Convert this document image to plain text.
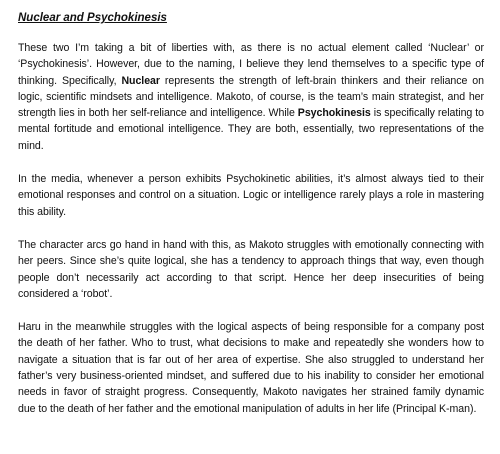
Nuclear and Psychokinesis

These two I’m taking a bit of liberties with, as there is no actual element called ‘Nuclear’ or ‘Psychokinesis’. However, due to the naming, I believe they lend themselves to a specific type of thinking. Specifically, Nuclear represents the strength of left-brain thinkers and their reliance on logic, scientific mindsets and intelligence. Makoto, of course, is the team’s main strategist, and her strength lies in both her self-reliance and intelligence. While Psychokinesis is specifically relating to mental fortitude and emotional intelligence. They are both, essentially, two representations of the mind.

In the media, whenever a person exhibits Psychokinetic abilities, it’s almost always tied to their emotional responses and control on a situation. Logic or intelligence rarely plays a role in mastering this ability.

The character arcs go hand in hand with this, as Makoto struggles with emotionally connecting with her peers. Since she’s quite logical, she has a tendency to approach things that way, even though people don’t necessarily act according to that script. Hence her deep insecurities of being considered a ‘robot’.

Haru in the meanwhile struggles with the logical aspects of being responsible for a company post the death of her father. Who to trust, what decisions to make and repeatedly she wonders how to navigate a situation that is far out of her area of expertise. She also struggled to understand her father’s very business-oriented mindset, and suffered due to his inability to consider her emotional needs in favor of straight progress. Consequently, Makoto navigates her strained family dynamic due to the death of her father and the emotional manipulation of adults in her life (Principal K-man).
